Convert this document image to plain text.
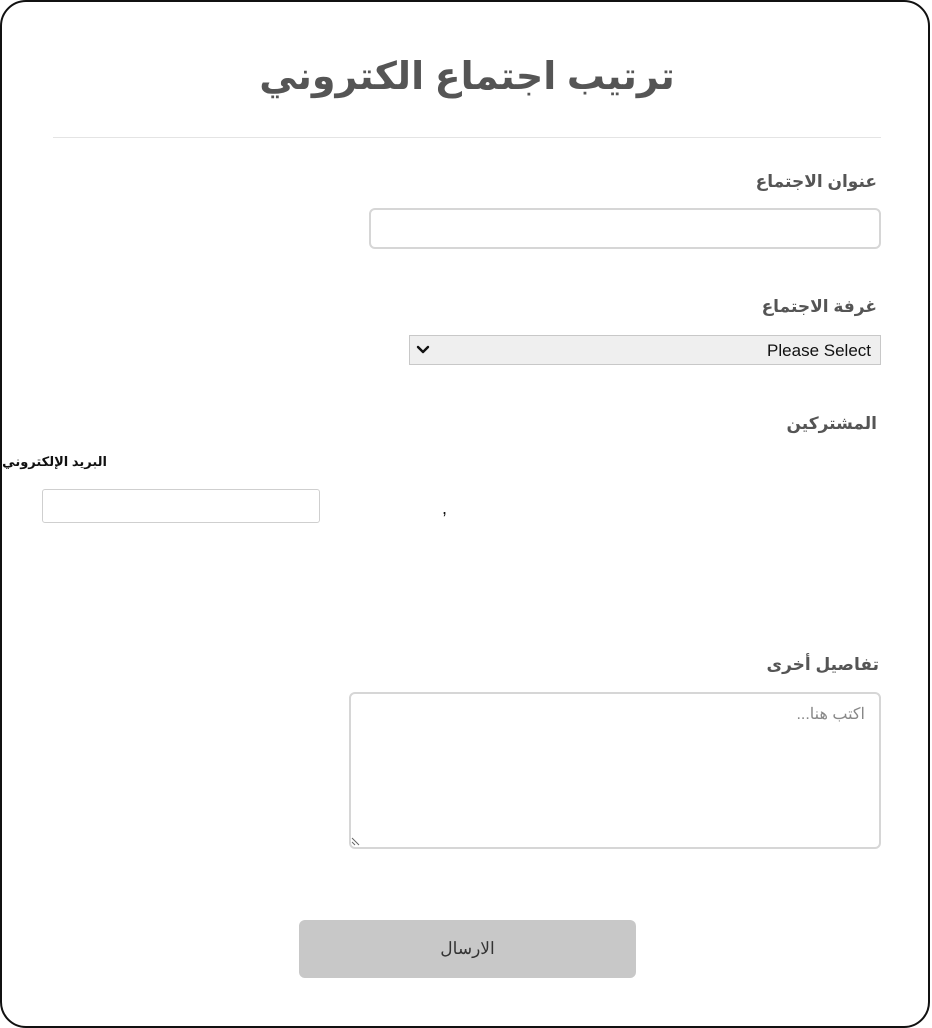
ترتيب اجتماع الكتروني
عنوان الاجتماع
غرفة الاجتماع
Please Select
المشتركين
البريد الإلكتروني
,
تفاصيل أخرى
اكتب هنا...
الارسال
